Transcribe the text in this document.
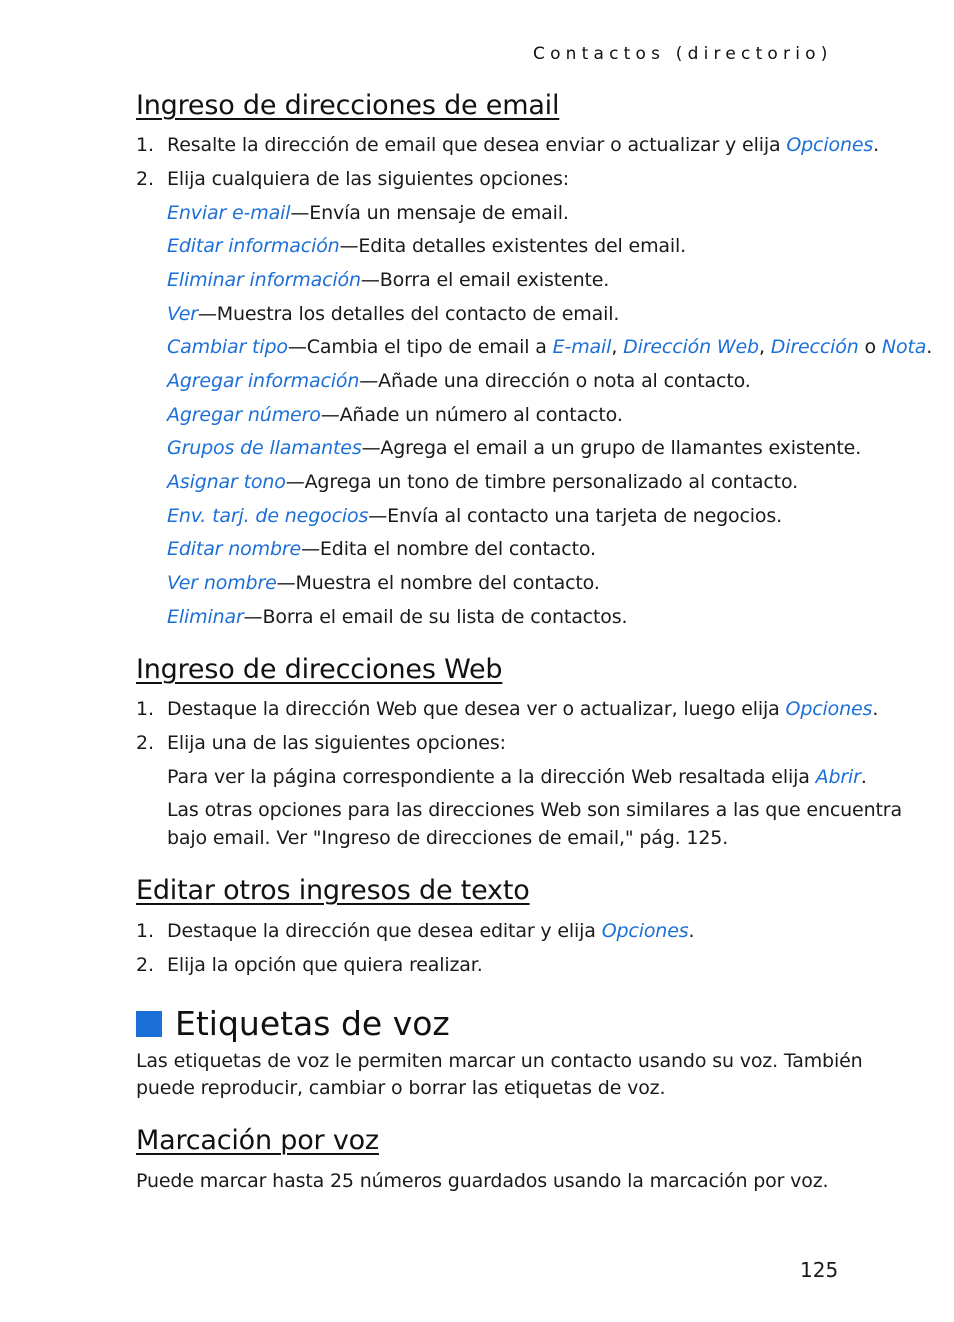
Contactos (directorio)
Ingreso de direcciones de email
1. Resalte la dirección de email que desea enviar o actualizar y elija Opciones.
2. Elija cualquiera de las siguientes opciones:
Enviar e-mail—Envía un mensaje de email.
Editar información—Edita detalles existentes del email.
Eliminar información—Borra el email existente.
Ver—Muestra los detalles del contacto de email.
Cambiar tipo—Cambia el tipo de email a E-mail, Dirección Web, Dirección o Nota.
Agregar información—Añade una dirección o nota al contacto.
Agregar número—Añade un número al contacto.
Grupos de llamantes—Agrega el email a un grupo de llamantes existente.
Asignar tono—Agrega un tono de timbre personalizado al contacto.
Env. tarj. de negocios—Envía al contacto una tarjeta de negocios.
Editar nombre—Edita el nombre del contacto.
Ver nombre—Muestra el nombre del contacto.
Eliminar—Borra el email de su lista de contactos.
Ingreso de direcciones Web
1. Destaque la dirección Web que desea ver o actualizar, luego elija Opciones.
2. Elija una de las siguientes opciones:
Para ver la página correspondiente a la dirección Web resaltada elija Abrir.
Las otras opciones para las direcciones Web son similares a las que encuentra
bajo email. Ver "Ingreso de direcciones de email," pág. 125.
Editar otros ingresos de texto
1. Destaque la dirección que desea editar y elija Opciones.
2. Elija la opción que quiera realizar.
Etiquetas de voz
Las etiquetas de voz le permiten marcar un contacto usando su voz. También
puede reproducir, cambiar o borrar las etiquetas de voz.
Marcación por voz
Puede marcar hasta 25 números guardados usando la marcación por voz.
125
